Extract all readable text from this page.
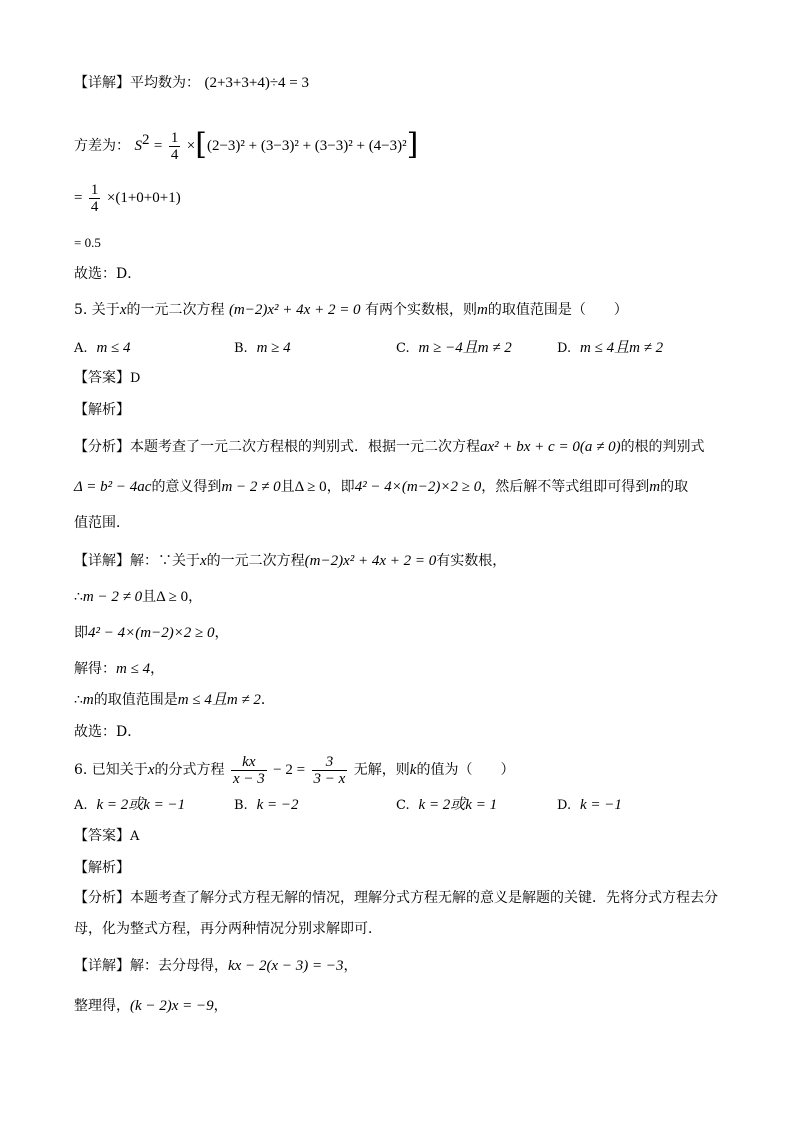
【详解】平均数为： (2+3+3+4)÷4 = 3
方差为： $S^2 = \frac{1}{4} \times[(2-3)^2 + (3-3)^2 + (3-3)^2 + (4-3)^2]$
= $\frac{1}{4} \times(1+0+0+1)$
= 0.5
故选：D．
5. 关于x的一元二次方程 (m−2)x² + 4x + 2 = 0 有两个实数根，则m的取值范围是（　　）
A. m ≤ 4	B. m ≥ 4	C. m ≥ −4且m ≠ 2	D. m ≤ 4且m ≠ 2
【答案】D
【解析】
【分析】本题考查了一元二次方程根的判别式．根据一元二次方程ax² + bx + c = 0(a ≠ 0)的根的判别式
Δ = b² − 4ac的意义得到m − 2 ≠ 0且Δ ≥ 0，即4² − 4×(m−2)×2 ≥ 0，然后解不等式组即可得到m的取
值范围．
【详解】解：∵关于x的一元二次方程(m−2)x² + 4x + 2 = 0有实数根，
∴m − 2 ≠ 0且Δ ≥ 0，
即4² − 4×(m−2)×2 ≥ 0，
解得：m ≤ 4，
∴m的取值范围是m ≤ 4且m ≠ 2．
故选：D．
6. 已知关于x的分式方程 $\frac{kx}{x - 3} - 2 = \frac{3}{3 - x}$ 无解，则k的值为（　　）
A. k = 2或k = −1	B. k = −2	C. k = 2或k = 1	D. k = −1
【答案】A
【解析】
【分析】本题考查了解分式方程无解的情况，理解分式方程无解的意义是解题的关键．先将分式方程去分
母，化为整式方程，再分两种情况分别求解即可．
【详解】解：去分母得，kx − 2(x − 3) = −3，
整理得，(k − 2)x = −9，
